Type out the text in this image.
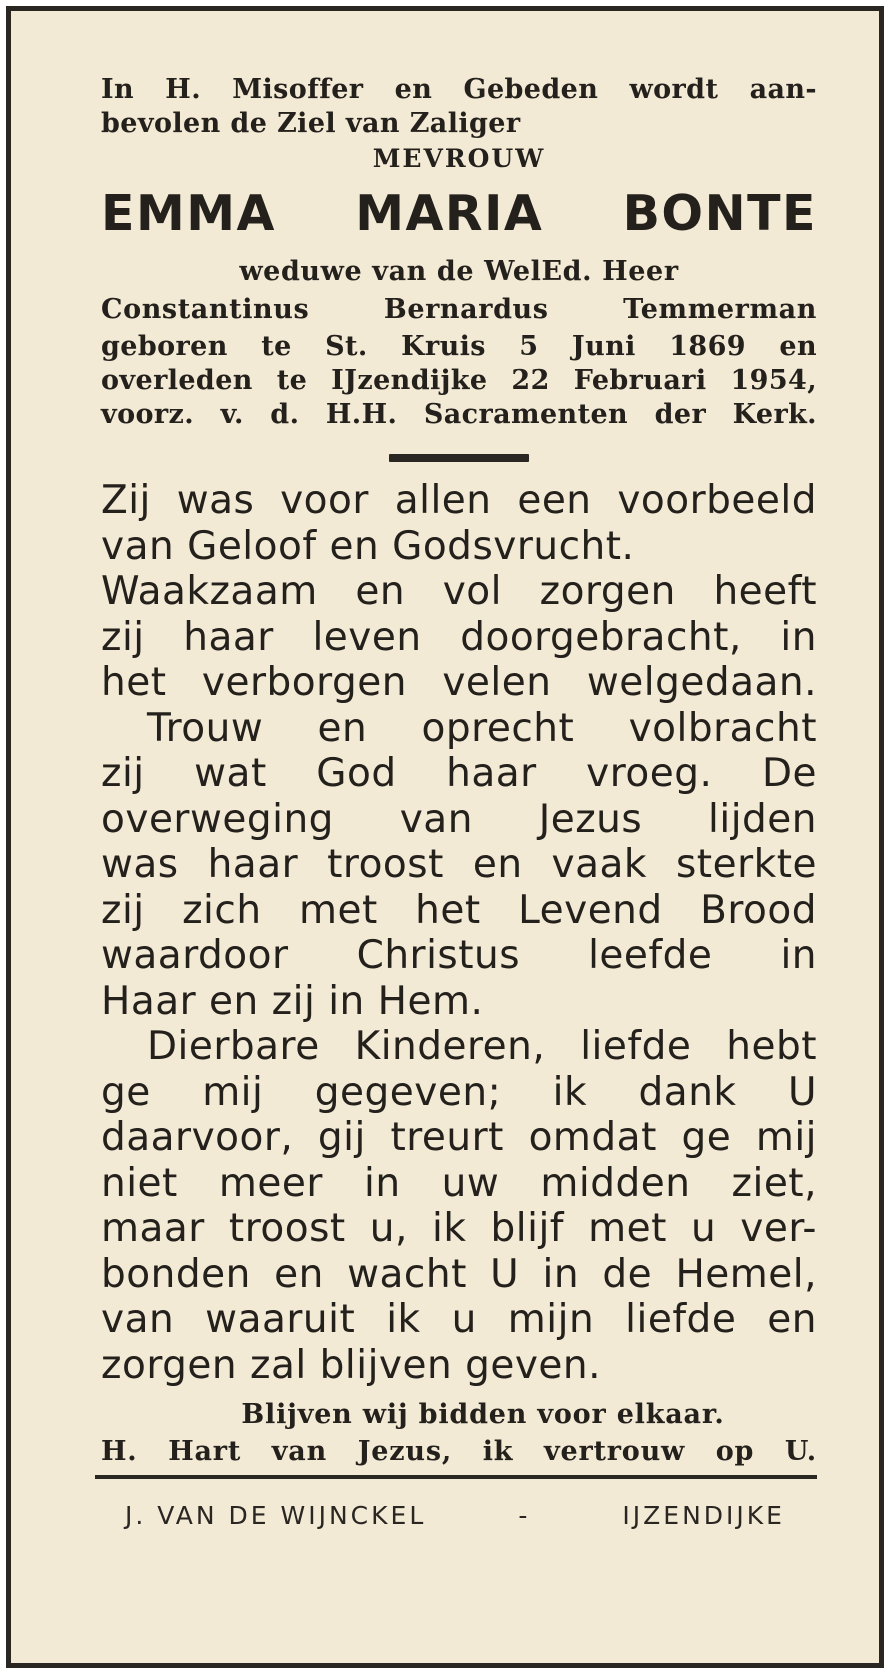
In H. Misoffer en Gebeden wordt aan-
bevolen de Ziel van Zaliger
MEVROUW
EMMA MARIA BONTE
weduwe van de WelEd. Heer
Constantinus Bernardus Temmerman
geboren te St. Kruis 5 Juni 1869 en
overleden te IJzendijke 22 Februari 1954,
voorz. v. d. H.H. Sacramenten der Kerk.
Zij was voor allen een voorbeeld
van Geloof en Godsvrucht.
Waakzaam en vol zorgen heeft
zij haar leven doorgebracht, in
het verborgen velen welgedaan.
Trouw en oprecht volbracht
zij wat God haar vroeg. De
overweging van Jezus lijden
was haar troost en vaak sterkte
zij zich met het Levend Brood
waardoor Christus leefde in
Haar en zij in Hem.
Dierbare Kinderen, liefde hebt
ge mij gegeven; ik dank U
daarvoor, gij treurt omdat ge mij
niet meer in uw midden ziet,
maar troost u, ik blijf met u ver-
bonden en wacht U in de Hemel,
van waaruit ik u mijn liefde en
zorgen zal blijven geven.
Blijven wij bidden voor elkaar.
H. Hart van Jezus, ik vertrouw op U.
J. VAN DE WIJNCKEL	-	IJZENDIJKE
